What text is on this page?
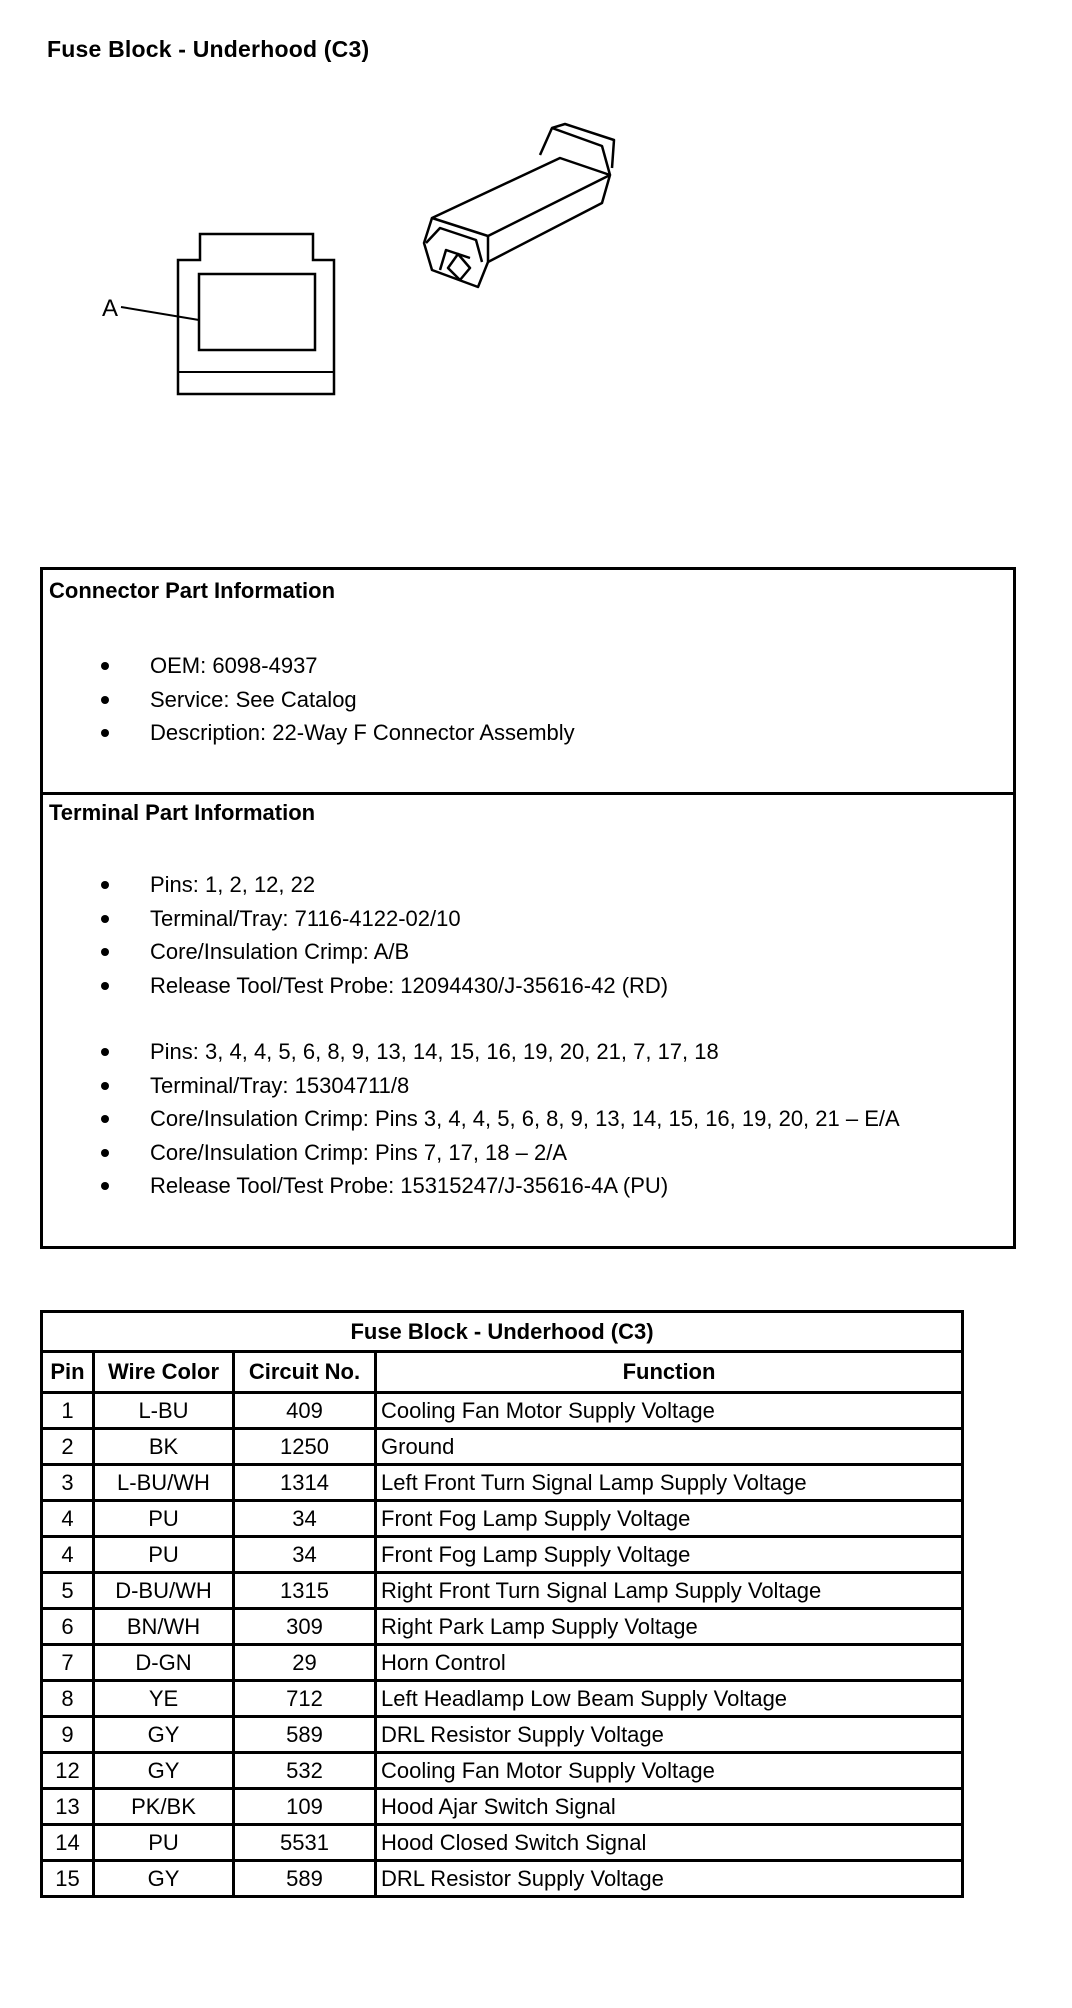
Fuse Block - Underhood (C3)
A
Connector Part Information
OEM: 6098-4937
Service: See Catalog
Description: 22-Way F Connector Assembly
Terminal Part Information
Pins: 1, 2, 12, 22
Terminal/Tray: 7116-4122-02/10
Core/Insulation Crimp: A/B
Release Tool/Test Probe: 12094430/J-35616-42 (RD)
Pins: 3, 4, 4, 5, 6, 8, 9, 13, 14, 15, 16, 19, 20, 21, 7, 17, 18
Terminal/Tray: 15304711/8
Core/Insulation Crimp: Pins 3, 4, 4, 5, 6, 8, 9, 13, 14, 15, 16, 19, 20, 21 – E/A
Core/Insulation Crimp: Pins 7, 17, 18 – 2/A
Release Tool/Test Probe: 15315247/J-35616-4A (PU)
Fuse Block - Underhood (C3)			
Pin	Wire Color	Circuit No.	Function
1	L-BU	409	Cooling Fan Motor Supply Voltage
2	BK	1250	Ground
3	L-BU/WH	1314	Left Front Turn Signal Lamp Supply Voltage
4	PU	34	Front Fog Lamp Supply Voltage
4	PU	34	Front Fog Lamp Supply Voltage
5	D-BU/WH	1315	Right Front Turn Signal Lamp Supply Voltage
6	BN/WH	309	Right Park Lamp Supply Voltage
7	D-GN	29	Horn Control
8	YE	712	Left Headlamp Low Beam Supply Voltage
9	GY	589	DRL Resistor Supply Voltage
12	GY	532	Cooling Fan Motor Supply Voltage
13	PK/BK	109	Hood Ajar Switch Signal
14	PU	5531	Hood Closed Switch Signal
15	GY	589	DRL Resistor Supply Voltage
